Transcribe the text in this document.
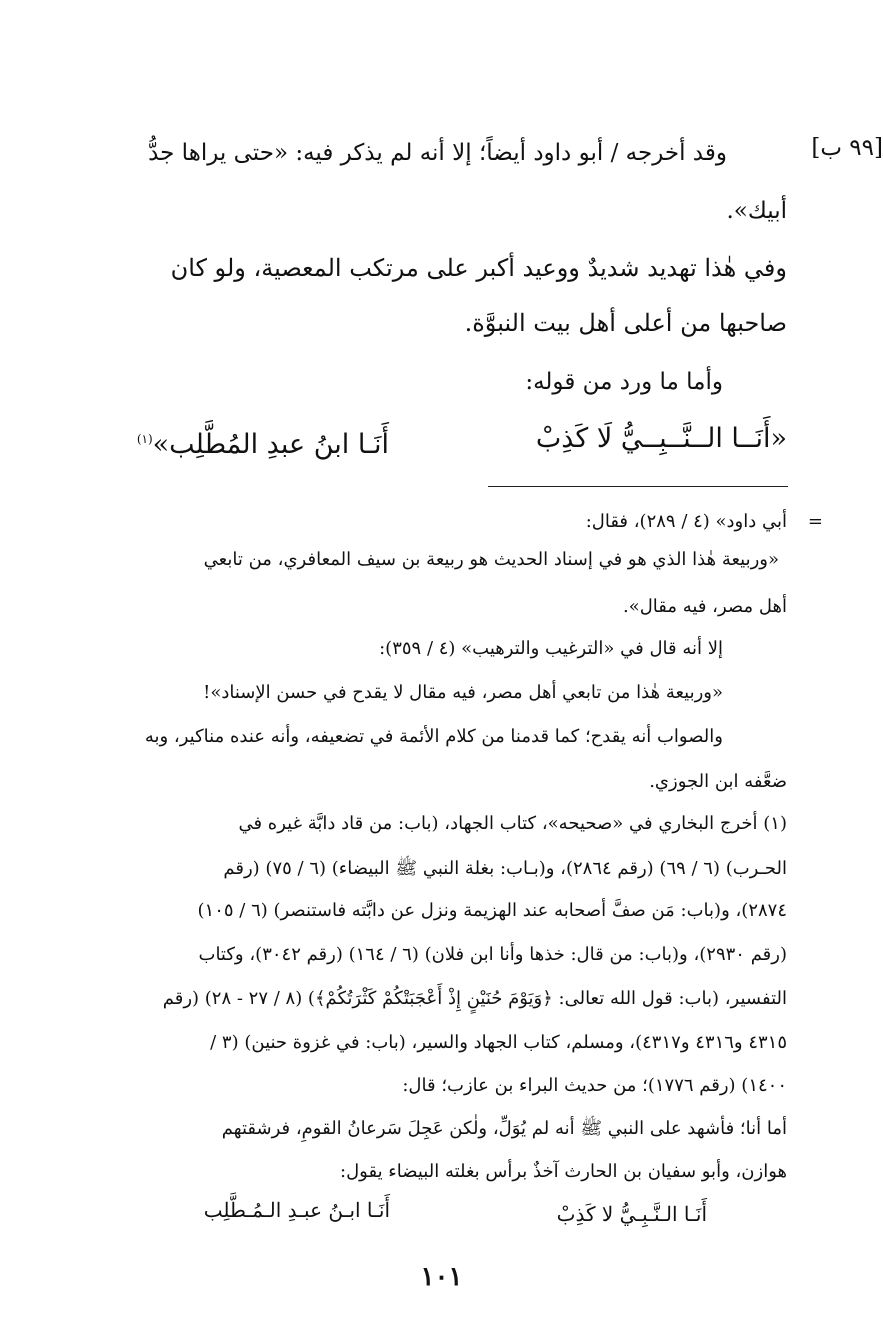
وقد أخرجه / أبو داود أيضاً؛ إلا أنه لم يذكر فيه: «حتى يراها جدُّ	[٩٩ ب]
أبيك».
وفي هٰذا تهديد شديدٌ ووعيد أكبر على مرتكب المعصية، ولو كان
صاحبها من أعلى أهل بيت النبوَّة.
وأما ما ورد من قوله:
«أَنَــا الــنَّــبِــيُّ لَا كَذِبْ
أَنَـا ابنُ عبدِ المُطَّلِب»$^{(١)}$
=
أبي داود» (٤ / ٢٨٩)، فقال:
«وربيعة هٰذا الذي هو في إسناد الحديث هو ربيعة بن سيف المعافري، من تابعي
أهل مصر، فيه مقال».
إلا أنه قال في «الترغيب والترهيب» (٤ / ٣٥٩):
«وربيعة هٰذا من تابعي أهل مصر، فيه مقال لا يقدح في حسن الإسناد»!
والصواب أنه يقدح؛ كما قدمنا من كلام الأئمة في تضعيفه، وأنه عنده مناكير، وبه
ضعَّفه ابن الجوزي.
(١) أخرج البخاري في «صحيحه»، كتاب الجهاد، (باب: من قاد دابَّة غيره في
الحـرب) (٦ / ٦٩) (رقم ٢٨٦٤)، و(بـاب: بغلة النبي ﷺ البيضاء) (٦ / ٧٥) (رقم
٢٨٧٤)، و(باب: مَن صفَّ أصحابه عند الهزيمة ونزل عن دابَّته فاستنصر) (٦ / ١٠٥)
(رقم ٢٩٣٠)، و(باب: من قال: خذها وأنا ابن فلان) (٦ / ١٦٤) (رقم ٣٠٤٢)، وكتاب
التفسير، (باب: قول الله تعالى: ﴿وَيَوْمَ حُنَيْنٍ إِذْ أَعْجَبَتْكُمْ كَثْرَتُكُمْ﴾) (٨ / ٢٧ - ٢٨) (رقم
٤٣١٥ و٤٣١٦ و٤٣١٧)، ومسلم، كتاب الجهاد والسير، (باب: في غزوة حنين) (٣ /
١٤٠٠) (رقم ١٧٧٦)؛ من حديث البراء بن عازب؛ قال:
أما أنا؛ فأشهد على النبي ﷺ أنه لم يُوَلِّ، ولٰكن عَجِلَ سَرعانُ القومِ، فرشقتهم
هوازن، وأبو سفيان بن الحارث آخذٌ برأس بغلته البيضاء يقول:
أَنَـا الـنَّـبِـيُّ لا كَذِبْ
أَنَـا ابـنُ عبـدِ الـمُـطَّلِب
١٠١
